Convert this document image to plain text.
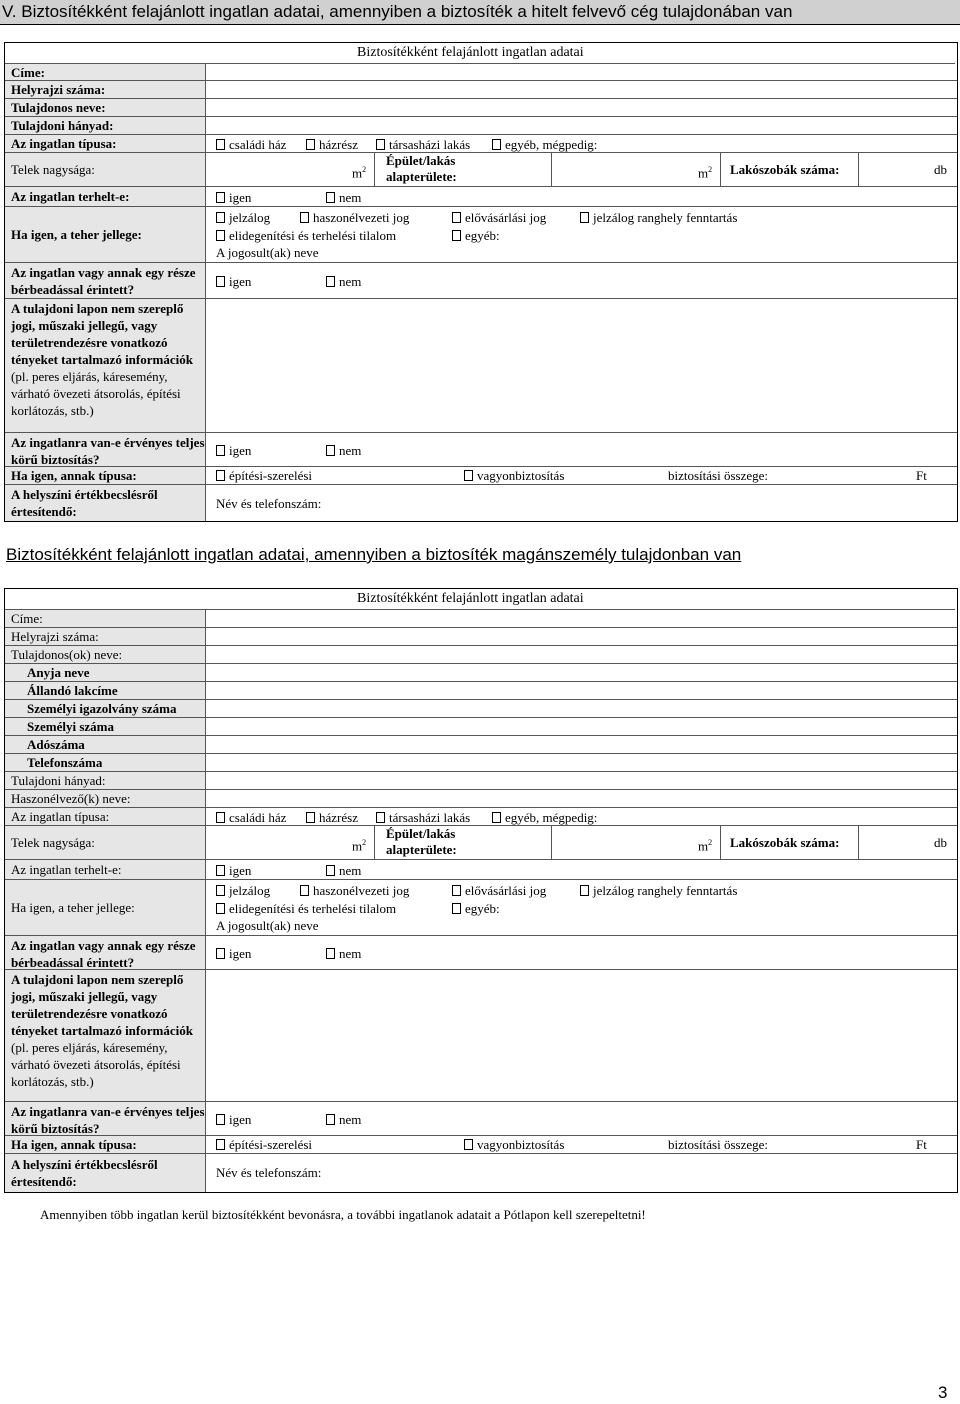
V. Biztosítékként felajánlott ingatlan adatai, amennyiben a biztosíték a hitelt felvevő cég tulajdonában van
Biztosítékként felajánlott ingatlan adatai
Címe:
Helyrajzi száma:
Tulajdonos neve:
Tulajdoni hányad:
Az ingatlan típusa:	családi ház	házrész	társasházi lakás	egyéb, mégpedig:
Telek nagysága:	$m^2$
Épület/lakás alapterülete:	$m^2$ Lakószobák száma:	db
Az ingatlan terhelt-e:	igen	nem
Ha igen, a teher jellege:
jelzálog	haszonélvezeti jog	elővásárlási jog	jelzálog ranghely fenntartás
elidegenítési és terhelési tilalom	egyéb:
A jogosult(ak) neve
Az ingatlan vagy annak egy része bérbeadással érintett?
igen	nem
A tulajdoni lapon nem szereplő jogi, műszaki jellegű, vagy területrendezésre vonatkozó tényeket tartalmazó információk (pl. peres eljárás, káresemény, várható övezeti átsorolás, építési korlátozás, stb.)
Az ingatlanra van-e érvényes teljes körű biztosítás?
igen	nem
Ha igen, annak típusa:	építési-szerelési	vagyonbiztosítás	biztosítási összege:	Ft
A helyszíni értékbecslésről értesítendő:
Név és telefonszám:
Biztosítékként felajánlott ingatlan adatai, amennyiben a biztosíték magánszemély tulajdonban van
Biztosítékként felajánlott ingatlan adatai
Címe:
Helyrajzi száma:
Tulajdonos(ok) neve:
Anyja neve
Állandó lakcíme
Személyi igazolvány száma
Személyi száma
Adószáma
Telefonszáma
Tulajdoni hányad:
Haszonélvező(k) neve:
Az ingatlan típusa:	családi ház	házrész	társasházi lakás	egyéb, mégpedig:
Telek nagysága:	$m^2$
Épület/lakás alapterülete:	$m^2$ Lakószobák száma:	db
Az ingatlan terhelt-e:	igen	nem
Ha igen, a teher jellege:
jelzálog	haszonélvezeti jog	elővásárlási jog	jelzálog ranghely fenntartás
elidegenítési és terhelési tilalom	egyéb:
A jogosult(ak) neve
Az ingatlan vagy annak egy része bérbeadással érintett?
igen	nem
A tulajdoni lapon nem szereplő jogi, műszaki jellegű, vagy területrendezésre vonatkozó tényeket tartalmazó információk (pl. peres eljárás, káresemény, várható övezeti átsorolás, építési korlátozás, stb.)
Az ingatlanra van-e érvényes teljes körű biztosítás?
igen	nem
Ha igen, annak típusa:	építési-szerelési	vagyonbiztosítás	biztosítási összege:	Ft
A helyszíni értékbecslésről értesítendő:
Név és telefonszám:
Amennyiben több ingatlan kerül biztosítékként bevonásra, a további ingatlanok adatait a Pótlapon kell szerepeltetni!
3
